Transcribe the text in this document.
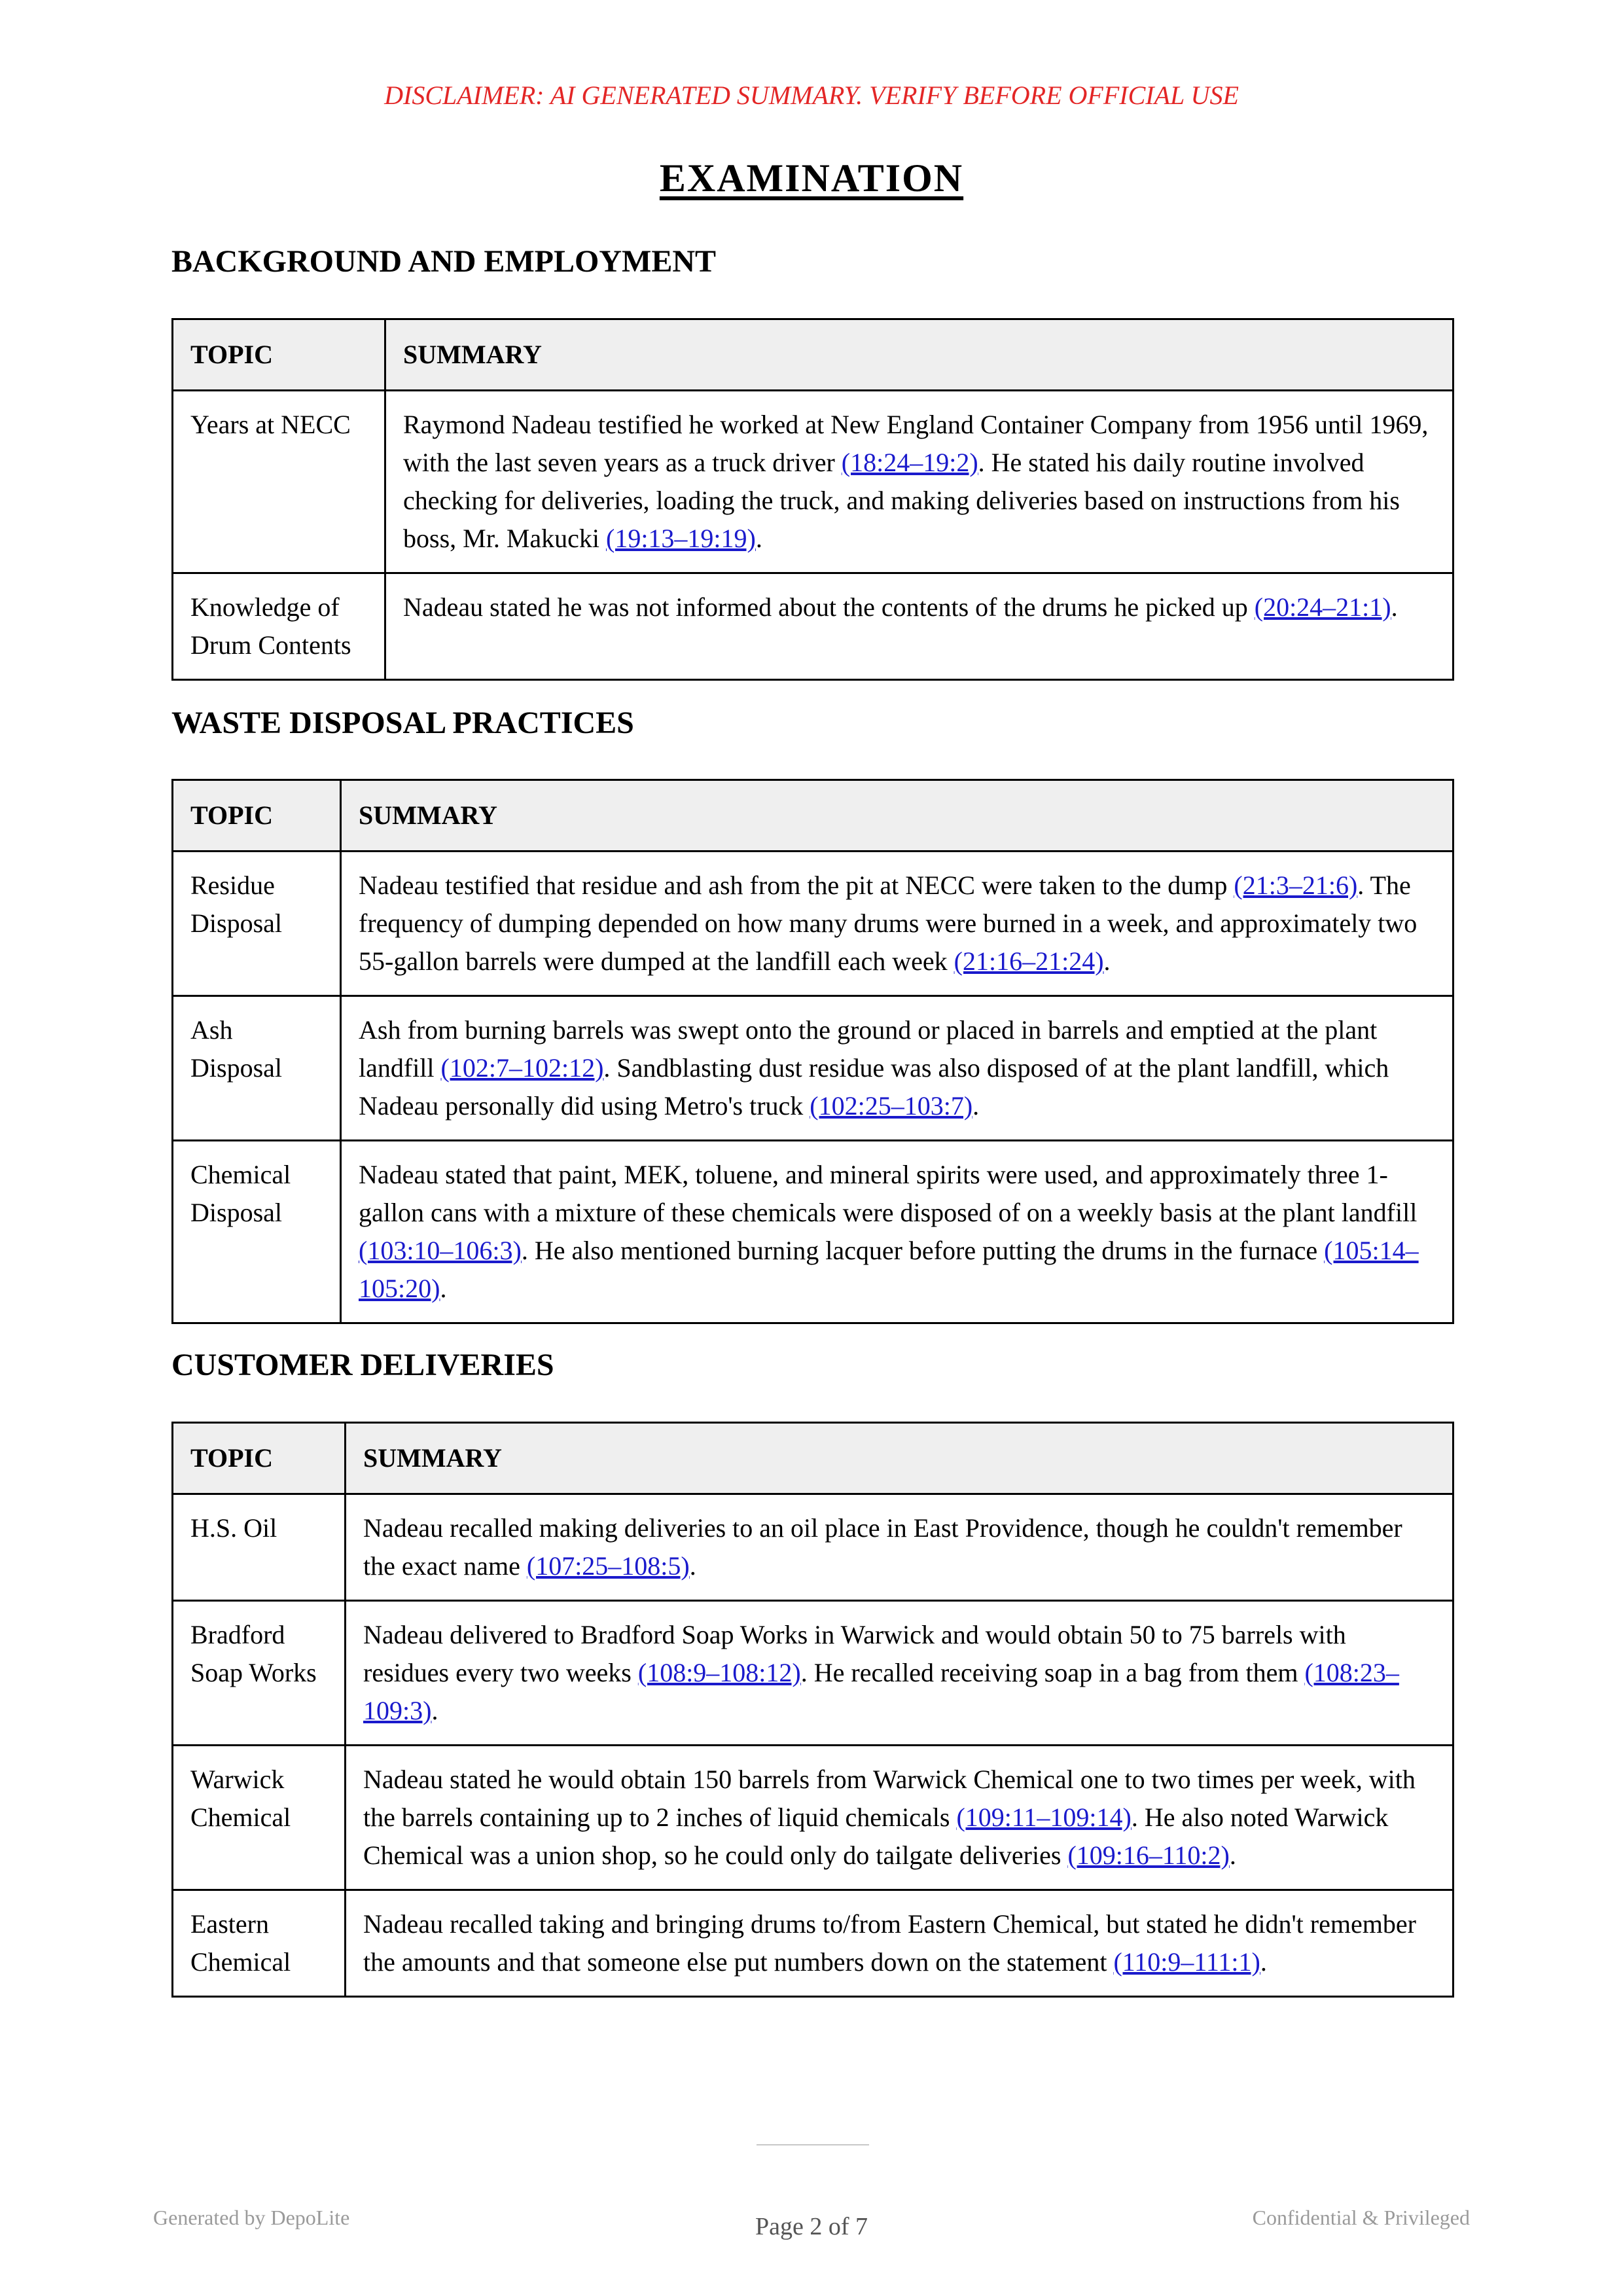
DISCLAIMER: AI GENERATED SUMMARY. VERIFY BEFORE OFFICIAL USE
EXAMINATION
BACKGROUND AND EMPLOYMENT
TOPIC	SUMMARY
Years at NECC	Raymond Nadeau testified he worked at New England Container Company from 1956 until 1969, with the last seven years as a truck driver (18:24–19:2). He stated his daily routine involved checking for deliveries, loading the truck, and making deliveries based on instructions from his boss, Mr. Makucki (19:13–19:19).
Knowledge of Drum Contents	Nadeau stated he was not informed about the contents of the drums he picked up (20:24–21:1).
WASTE DISPOSAL PRACTICES
TOPIC	SUMMARY
Residue Disposal	Nadeau testified that residue and ash from the pit at NECC were taken to the dump (21:3–21:6). The frequency of dumping depended on how many drums were burned in a week, and approximately two 55-gallon barrels were dumped at the landfill each week (21:16–21:24).
Ash Disposal	Ash from burning barrels was swept onto the ground or placed in barrels and emptied at the plant landfill (102:7–102:12). Sandblasting dust residue was also disposed of at the plant landfill, which Nadeau personally did using Metro's truck (102:25–103:7).
Chemical Disposal	Nadeau stated that paint, MEK, toluene, and mineral spirits were used, and approximately three 1-gallon cans with a mixture of these chemicals were disposed of on a weekly basis at the plant landfill (103:10–106:3). He also mentioned burning lacquer before putting the drums in the furnace (105:14–105:20).
CUSTOMER DELIVERIES
TOPIC	SUMMARY
H.S. Oil	Nadeau recalled making deliveries to an oil place in East Providence, though he couldn't remember the exact name (107:25–108:5).
Bradford Soap Works	Nadeau delivered to Bradford Soap Works in Warwick and would obtain 50 to 75 barrels with residues every two weeks (108:9–108:12). He recalled receiving soap in a bag from them (108:23–109:3).
Warwick Chemical	Nadeau stated he would obtain 150 barrels from Warwick Chemical one to two times per week, with the barrels containing up to 2 inches of liquid chemicals (109:11–109:14). He also noted Warwick Chemical was a union shop, so he could only do tailgate deliveries (109:16–110:2).
Eastern Chemical	Nadeau recalled taking and bringing drums to/from Eastern Chemical, but stated he didn't remember the amounts and that someone else put numbers down on the statement (110:9–111:1).
Generated by DepoLite	Page 2 of 7	Confidential & Privileged
